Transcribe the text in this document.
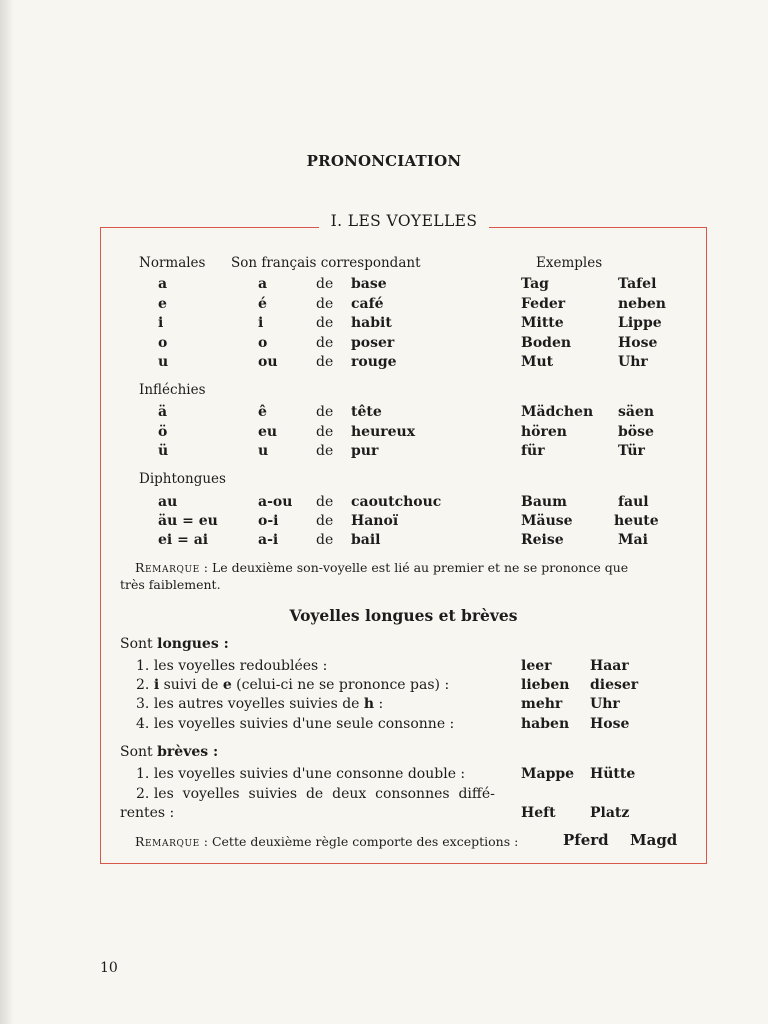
PRONONCIATION
I. LES VOYELLES
Normales Son français correspondant	Exemples
a	a	de base	Tag	Tafel
e	é	de café	Feder	neben
i	i	de habit	Mitte	Lippe
o	o	de poser	Boden	Hose
u	ou	de rouge	Mut	Uhr
Infléchies
ä	ê	de tête	Mädchen säen
ö	eu	de heureux	hören	böse
ü	u	de pur	für	Tür
Diphtongues
au	a-ou de caoutchouc	Baum	faul
äu = eu	o-i	de Hanoï	Mäuse	heute
ei = ai	a-i	de bail	Reise	Mai
Remarque : Le deuxième son-voyelle est lié au premier et ne se prononce que
très faiblement.
Voyelles longues et brèves
Sont longues :
1. les voyelles redoublées :	leer	Haar
2. i suivi de e (celui-ci ne se prononce pas) :	lieben dieser
3. les autres voyelles suivies de h :	mehr Uhr
4. les voyelles suivies d'une seule consonne :	haben Hose
Sont brèves :
1. les voyelles suivies d'une consonne double :	Mappe Hütte
2. les  voyelles  suivies  de  deux  consonnes  diffé-
rentes :	Heft Platz
Remarque : Cette deuxième règle comporte des exceptions :	Pferd Magd
10
